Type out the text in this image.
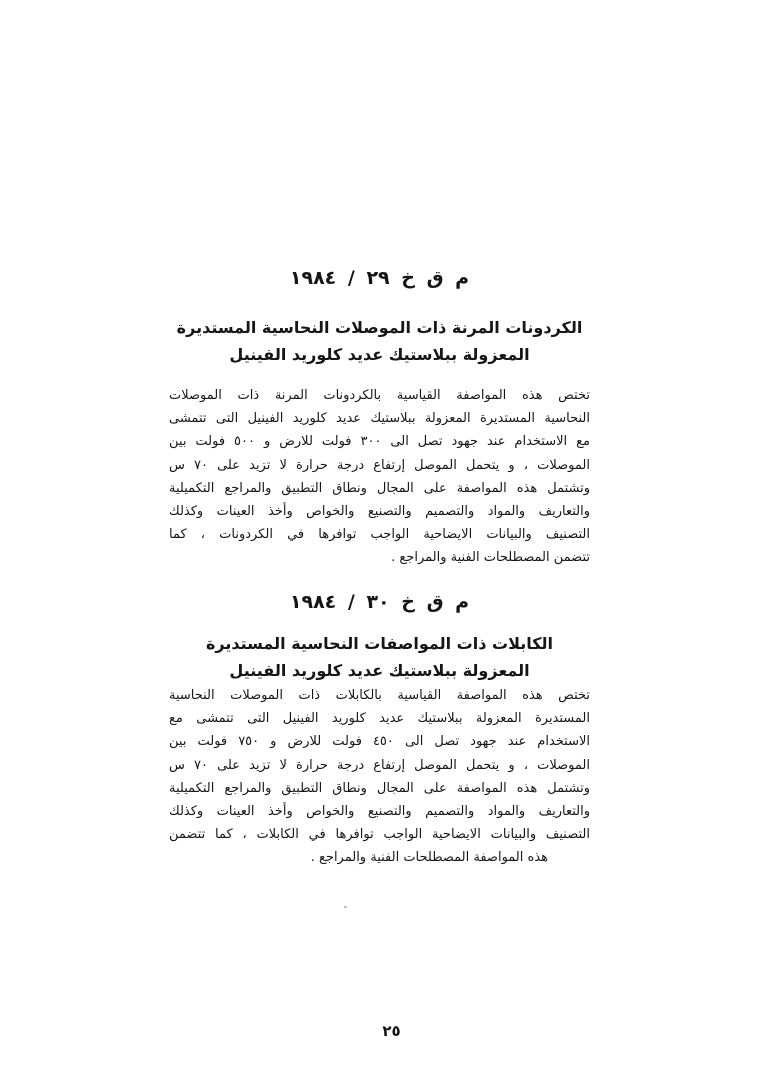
م ق خ ٢٩ / ١٩٨٤
الكردونات المرنة ذات الموصلات النحاسية المستديرة
المعزولة ببلاستيك عديد كلوريد الفينيل
تختص هذه المواصفة القياسية بالكردونات المرنة ذات الموصلات
النحاسية المستديرة المعزولة ببلاستيك عديد كلوريد الفينيل التى تتمشى
مع الاستخدام عند جهود تصل الى ٣٠٠ فولت للارض و ٥٠٠ فولت بين
الموصلات ، و يتحمل الموصل إرتفاع درجة حرارة لا تزيد على ٧٠ س
وتشتمل هذه المواصفة على المجال ونطاق التطبيق والمراجع التكميلية
والتعاريف والمواد والتصميم والتصنيع والخواص وأخذ العينات وكذلك
التصنيف والبيانات الايضاحية الواجب توافرها في الكردونات ، كما
تتضمن المصطلحات الفنية والمراجع .
م ق خ ٣٠ / ١٩٨٤
الكابلات ذات المواصفات النحاسية المستديرة
المعزولة ببلاستيك عديد كلوريد الفينيل
تختص هذه المواصفة القياسية بالكابلات ذات الموصلات النحاسية
المستديرة المعزولة ببلاستيك عديد كلوريد الفينيل التى تتمشى مع
الاستخدام عند جهود تصل الى ٤٥٠ فولت للارض و ٧٥٠ فولت بين
الموصلات ، و يتحمل الموصل إرتفاع درجة حرارة لا تزيد على ٧٠ س
وتشتمل هذه المواصفة على المجال ونطاق التطبيق والمراجع التكميلية
والتعاريف والمواد والتصميم والتصنيع والخواص وأخذ العينات وكذلك
التصنيف والبيانات الايضاحية الواجب توافرها في الكابلات ، كما تتضمن
هذه المواصفة المصطلحات الفنية والمراجع .
٢٥
